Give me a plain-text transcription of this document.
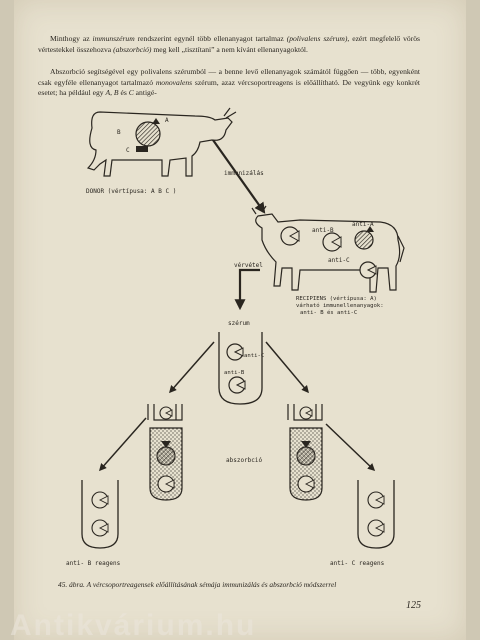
Minthogy az immunszérum rendszerint egynél több ellenanyagot tartalmaz (polivalens szérum), ezért megfelelő vörös vértestekkel összehozva (abszorbció) meg kell „tisztítani” a nem kívánt ellenanyagoktól.

Abszorbció segítségével egy polivalens szérumból — a benne levő ellenanyagok számától függően — több, egyenként csak egyféle ellenanyagot tartalmazó monovalens szérum, azaz vércsoportreagens is előállítható. De vegyünk egy konkrét esetet; ha például egy A, B és C antigé-

A
B
C
DONOR (vértípusa: A B C )
immunizálás
anti-B
anti-A
anti-C
RECIPIENS (vértípusa: A)
várható immunellenanyagok:
anti- B és anti-C
vérvétel
szérum
anti-C
anti-B
abszorbció
anti- B reagens	anti- C reagens

45. ábra. A vércsoportreagensek előállításának sémája immunizálás és abszorbció módszerrel

125
Antikvárium.hu
